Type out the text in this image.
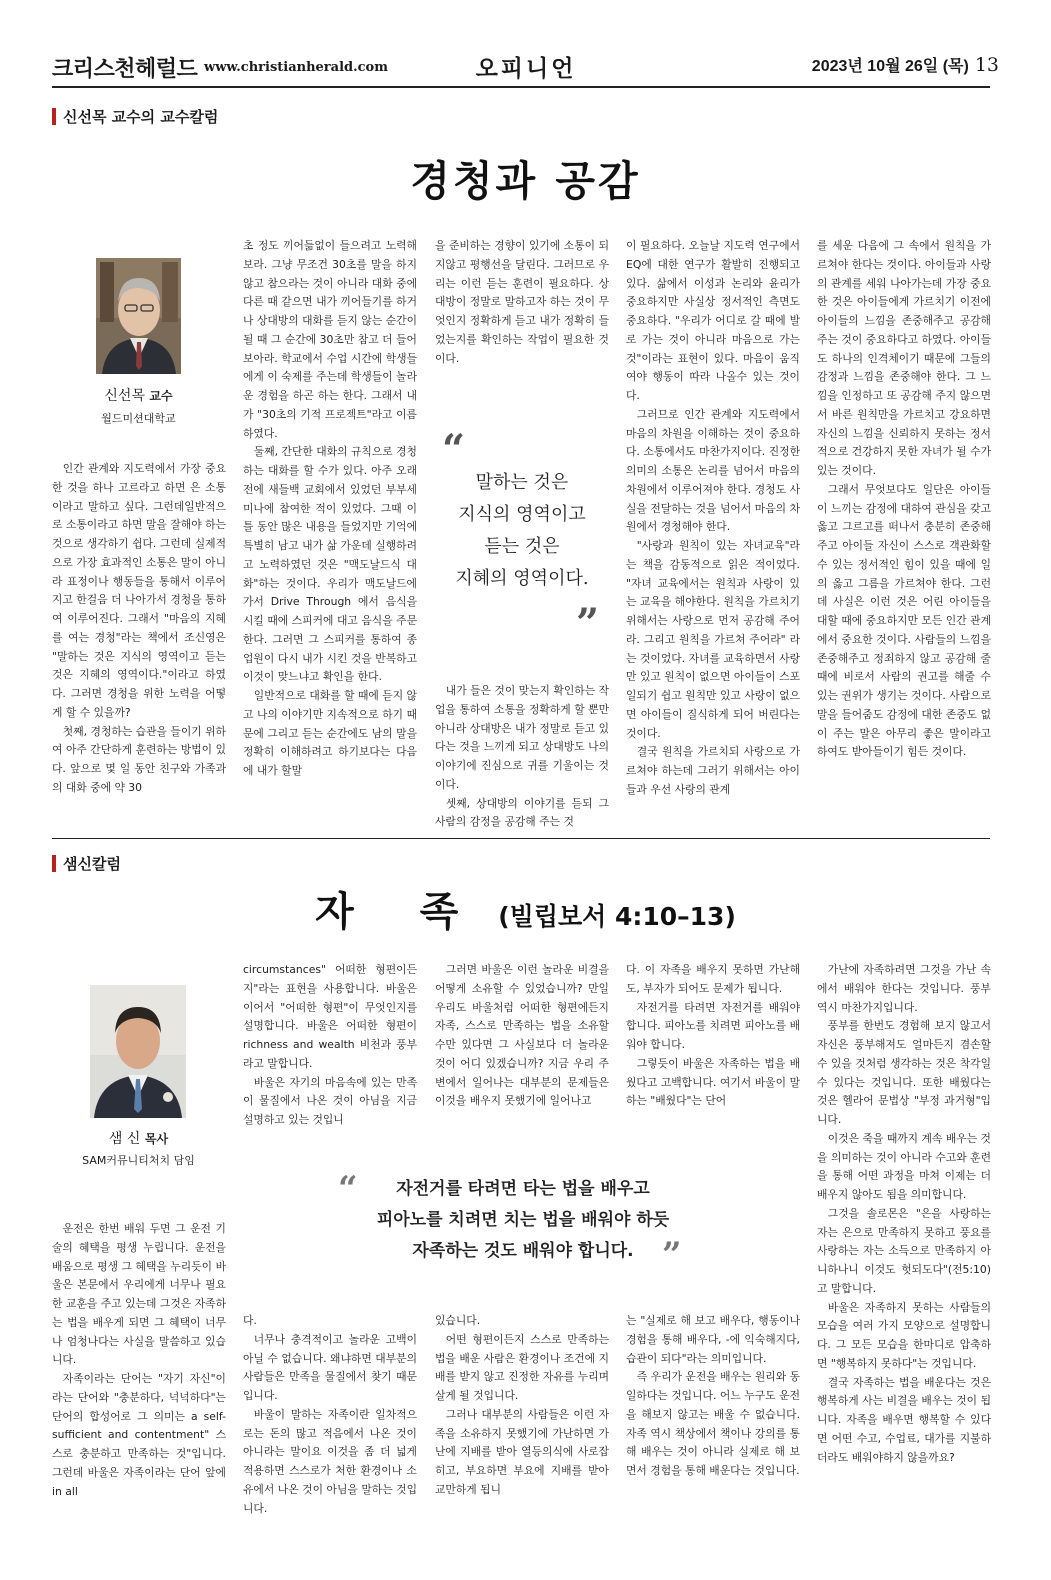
크리스천헤럴드 www.christianherald.com	오피니언	2023년 10월 26일 (목) 13
신선목 교수의 교수칼럼
경청과 공감
신선목 교수
월드미션대학교

인간 관계와 지도력에서 가장 중요한 것을 하나 고르라고 하면 은 소통이라고 말하고 싶다. 그런데일반적으로 소통이라고 하면 말을 잘해야 하는 것으로 생각하기 쉽다. 그런데 실제적으로 가장 효과적인 소통은 말이 아니라 표정이나 행동들을 통해서 이루어지고 한걸음 더 나아가서 경청을 통하여 이루어진다. 그래서 "마음의 지혜를 여는 경청"라는 책에서 조신영은 "말하는 것은 지식의 영역이고 듣는 것은 지혜의 영역이다."이라고 하였다. 그러면 경청을 위한 노력을 어떻게 할 수 있을까?

첫째, 경청하는 습관을 들이기 위하여 아주 간단하게 훈련하는 방법이 있다. 앞으로 몇 일 동안 친구와 가족과의 대화 중에 약 30

초 정도 끼어듦없이 들으려고 노력해보라. 그냥 무조건 30초를 말을 하지 않고 참으라는 것이 아니라 대화 중에 다른 때 같으면 내가 끼어들기를 하거나 상대방의 대화를 듣지 않는 순간이 될 때 그 순간에 30초만 참고 더 들어보아라. 학교에서 수업 시간에 학생들에게 이 숙제를 주는데 학생들이 놀라운 경험을 하곤 하는 한다. 그래서 내가 "30초의 기적 프로젝트"라고 이름하였다.

둘째, 간단한 대화의 규칙으로 경청하는 대화를 할 수가 있다. 아주 오래 전에 새들백 교회에서 있었던 부부세미나에 참여한 적이 있었다. 그때 이틀 동안 많은 내용을 들었지만 기억에 특별히 남고 내가 삶 가운데 실행하려고 노력하였던 것은 "맥도날드식 대화"하는 것이다. 우리가 맥도날드에 가서 Drive Through 에서 음식을 시킬 때에 스피커에 대고 음식을 주문한다. 그러면 그 스피커를 통하여 종업원이 다시 내가 시킨 것을 반복하고 이것이 맞느냐고 확인을 한다.

일반적으로 대화를 할 때에 듣지 않고 나의 이야기만 지속적으로 하기 때문에 그리고 듣는 순간에도 남의 말을 정확히 이해하려고 하기보다는 다음에 내가 할말

을 준비하는 경향이 있기에 소통이 되지않고 평행선을 달린다. 그러므로 우리는 이런 듣는 훈련이 필요하다. 상대방이 정말로 말하고자 하는 것이 무엇인지 정확하게 듣고 내가 정확히 들었는지를 확인하는 작업이 필요한 것이다.

“
말하는 것은
지식의 영역이고
듣는 것은
지혜의 영역이다.
”

내가 들은 것이 맞는지 확인하는 작업을 통하여 소통을 정확하게 할 뿐만 아니라 상대방은 내가 정말로 듣고 있다는 것을 느끼게 되고 상대방도 나의 이야기에 진심으로 귀를 기울이는 것이다.

셋째, 상대방의 이야기를 듣되 그 사람의 감정을 공감해 주는 것

이 필요하다. 오늘날 지도력 연구에서 EQ에 대한 연구가 활발히 진행되고 있다. 삶에서 이성과 논리와 윤리가 중요하지만 사실상 정서적인 측면도 중요하다. "우리가 어디로 갈 때에 발로 가는 것이 아니라 마음으로 가는 것"이라는 표현이 있다. 마음이 움직여야 행동이 따라 나올수 있는 것이다.

그러므로 인간 관계와 지도력에서 마음의 차원을 이해하는 것이 중요하다. 소통에서도 마찬가지이다. 진정한 의미의 소통은 논리를 넘어서 마음의 차원에서 이루어져야 한다. 경청도 사실을 전달하는 것을 넘어서 마음의 차원에서 경청해야 한다.

"사랑과 원칙이 있는 자녀교육"라는 책을 감동적으로 읽은 적이었다. "자녀 교육에서는 원칙과 사랑이 있는 교육을 해야한다. 원칙을 가르치기 위해서는 사랑으로 먼저 공감해 주어라. 그리고 원칙을 가르쳐 주어라" 라는 것이었다. 자녀를 교육하면서 사랑만 있고 원칙이 없으면 아이들이 스포일되기 쉽고 원칙만 있고 사랑이 없으면 아이들이 질식하게 되어 버린다는 것이다.

결국 원칙을 가르치되 사랑으로 가르쳐야 하는데 그러기 위해서는 아이들과 우선 사랑의 관계

를 세운 다음에 그 속에서 원칙을 가르쳐야 한다는 것이다. 아이들과 사랑의 관계를 세워 나아가는데 가장 중요한 것은 아이들에게 가르치기 이전에 아이들의 느낌을 존중해주고 공감해 주는 것이 중요하다고 하였다. 아이들도 하나의 인격체이기 때문에 그들의 감정과 느낌을 존중해야 한다. 그 느낌을 인정하고 또 공감해 주지 않으면서 바른 원칙만을 가르치고 강요하면 자신의 느낌을 신뢰하지 못하는 정서적으로 건강하지 못한 자녀가 될 수가 있는 것이다.

그래서 무엇보다도 일단은 아이들이 느끼는 감정에 대하여 관심을 갖고 옳고 그르고를 떠나서 충분히 존중해 주고 아이들 자신이 스스로 객관화할 수 있는 정서적인 힘이 있을 때에 일의 옳고 그름을 가르쳐야 한다. 그런데 사실은 이런 것은 어린 아이들을 대할 때에 중요하지만 모든 인간 관계에서 중요한 것이다. 사람들의 느낌을 존중해주고 정죄하지 않고 공감해 줄 때에 비로서 사람의 권고를 해줄 수 있는 권위가 생기는 것이다. 사람으로 말을 들어줌도 감정에 대한 존중도 없이 주는 말은 아무리 좋은 말이라고 하여도 받아들이기 힘든 것이다.

샘신칼럼
자 족 (빌립보서 4:10–13)
샘 신 목사
SAM커뮤니티처치 담임

운전은 한번 배워 두면 그 운전 기술의 혜택을 평생 누립니다. 운전을 배움으로 평생 그 혜택을 누리듯이 바울은 본문에서 우리에게 너무나 필요한 교훈을 주고 있는데 그것은 자족하는 법을 배우게 되면 그 혜택이 너무나 엄청나다는 사실을 말씀하고 있습니다.

자족이라는 단어는 "자기 자신"이라는 단어와 "충분하다, 넉넉하다"는 단어의 합성어로 그 의미는 a self-sufficient and contentment" 스스로 충분하고 만족하는 것"입니다. 그런데 바울은 자족이라는 단어 앞에 in all

circumstances" 어떠한 형편이든지"라는 표현을 사용합니다. 바울은 이어서 "어떠한 형편"이 무엇인지를 설명합니다. 바울은 어떠한 형편이 richness and wealth 비천과 풍부라고 말합니다.

바울은 자기의 마음속에 있는 만족이 물질에서 나온 것이 아님을 지금 설명하고 있는 것입니

그러면 바울은 이런 놀라운 비결을 어떻게 소유할 수 있었습니까? 만일 우리도 바울처럼 어떠한 형편에든지 자족, 스스로 만족하는 법을 소유할 수만 있다면 그 사실보다 더 놀라운 것이 어디 있겠습니까? 지금 우리 주변에서 일어나는 대부분의 문제들은 이것을 배우지 못했기에 일어나고

다. 이 자족을 배우지 못하면 가난해도, 부자가 되어도 문제가 됩니다.

자전거를 타려면 자전거를 배워야 합니다. 피아노를 치려면 피아노를 배워야 합니다.

그렇듯이 바울은 자족하는 법을 배웠다고 고백합니다. 여기서 바울이 말하는 "배웠다"는 단어

“	자전거를 타려면 타는 법을 배우고
피아노를 치려면 치는 법을 배워야 하듯
자족하는 것도 배워야 합니다. ”

다.

너무나 충격적이고 놀라운 고백이 아닐 수 없습니다. 왜냐하면 대부분의 사람들은 만족을 물질에서 찾기 때문입니다.

바울이 말하는 자족이란 일차적으로는 돈의 많고 적음에서 나온 것이 아니라는 말이요 이것을 좀 더 넓게 적용하면 스스로가 처한 환경이나 소유에서 나온 것이 아님을 말하는 것입니다.

있습니다.

어떤 형편이든지 스스로 만족하는 법을 배운 사람은 환경이나 조건에 지배를 받지 않고 진정한 자유를 누리며 살게 될 것입니다.

그러나 대부분의 사람들은 이런 자족을 소유하지 못했기에 가난하면 가난에 지배를 받아 열등의식에 사로잡히고, 부요하면 부요에 지배를 받아 교만하게 됩니

는 "실제로 해 보고 배우다, 행동이나 경험을 통해 배우다, -에 익숙해지다, 습관이 되다"라는 의미입니다.

즉 우리가 운전을 배우는 원리와 동일하다는 것입니다. 어느 누구도 운전을 해보지 않고는 배울 수 없습니다. 자족 역시 책상에서 책이나 강의를 통해 배우는 것이 아니라 실제로 해 보면서 경험을 통해 배운다는 것입니다.

가난에 자족하려면 그것을 가난 속에서 배워야 한다는 것입니다. 풍부 역시 마찬가지입니다.

풍부를 한번도 경험해 보지 않고서 자신은 풍부해져도 얼마든지 겸손할 수 있을 것처럼 생각하는 것은 착각일 수 있다는 것입니다. 또한 배웠다는 것은 헬라어 문법상 "부정 과거형"입니다.

이것은 죽을 때까지 계속 배우는 것을 의미하는 것이 아니라 수고와 훈련을 통해 어떤 과정을 마쳐 이제는 더 배우지 않아도 됨을 의미합니다.

그것을 솔로몬은 "은을 사랑하는 자는 은으로 만족하지 못하고 풍요를 사랑하는 자는 소득으로 만족하지 아니하나니 이것도 헛되도다"(전5:10)고 말합니다.

바울은 자족하지 못하는 사람들의 모습을 여러 가지 모양으로 설명합니다. 그 모든 모습을 한마디로 압축하면 "행복하지 못하다"는 것입니다.

결국 자족하는 법을 배운다는 것은 행복하게 사는 비결을 배우는 것이 됩니다. 자족을 배우면 행복할 수 있다면 어떤 수고, 수업료, 대가를 지불하더라도 배워야하지 않을까요?
